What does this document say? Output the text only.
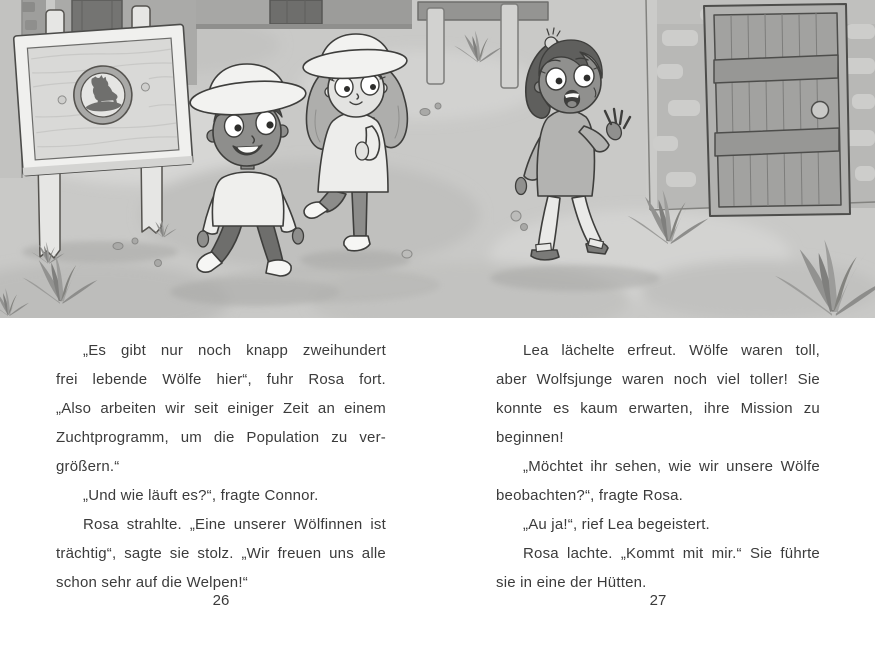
„Es gibt nur noch knapp zweihundert
frei lebende Wölfe hier“, fuhr Rosa fort.
„Also arbeiten wir seit einiger Zeit an einem
Zuchtprogramm, um die Population zu ver-
größern.“
„Und wie läuft es?“, fragte Connor.
Rosa strahlte. „Eine unserer Wölfinnen ist
trächtig“, sagte sie stolz. „Wir freuen uns alle
schon sehr auf die Welpen!“
26
Lea lächelte erfreut. Wölfe waren toll,
aber Wolfsjunge waren noch viel toller! Sie
konnte es kaum erwarten, ihre Mission zu
beginnen!
„Möchtet ihr sehen, wie wir unsere Wölfe
beobachten?“, fragte Rosa.
„Au ja!“, rief Lea begeistert.
Rosa lachte. „Kommt mit mir.“ Sie führte
sie in eine der Hütten.
27
